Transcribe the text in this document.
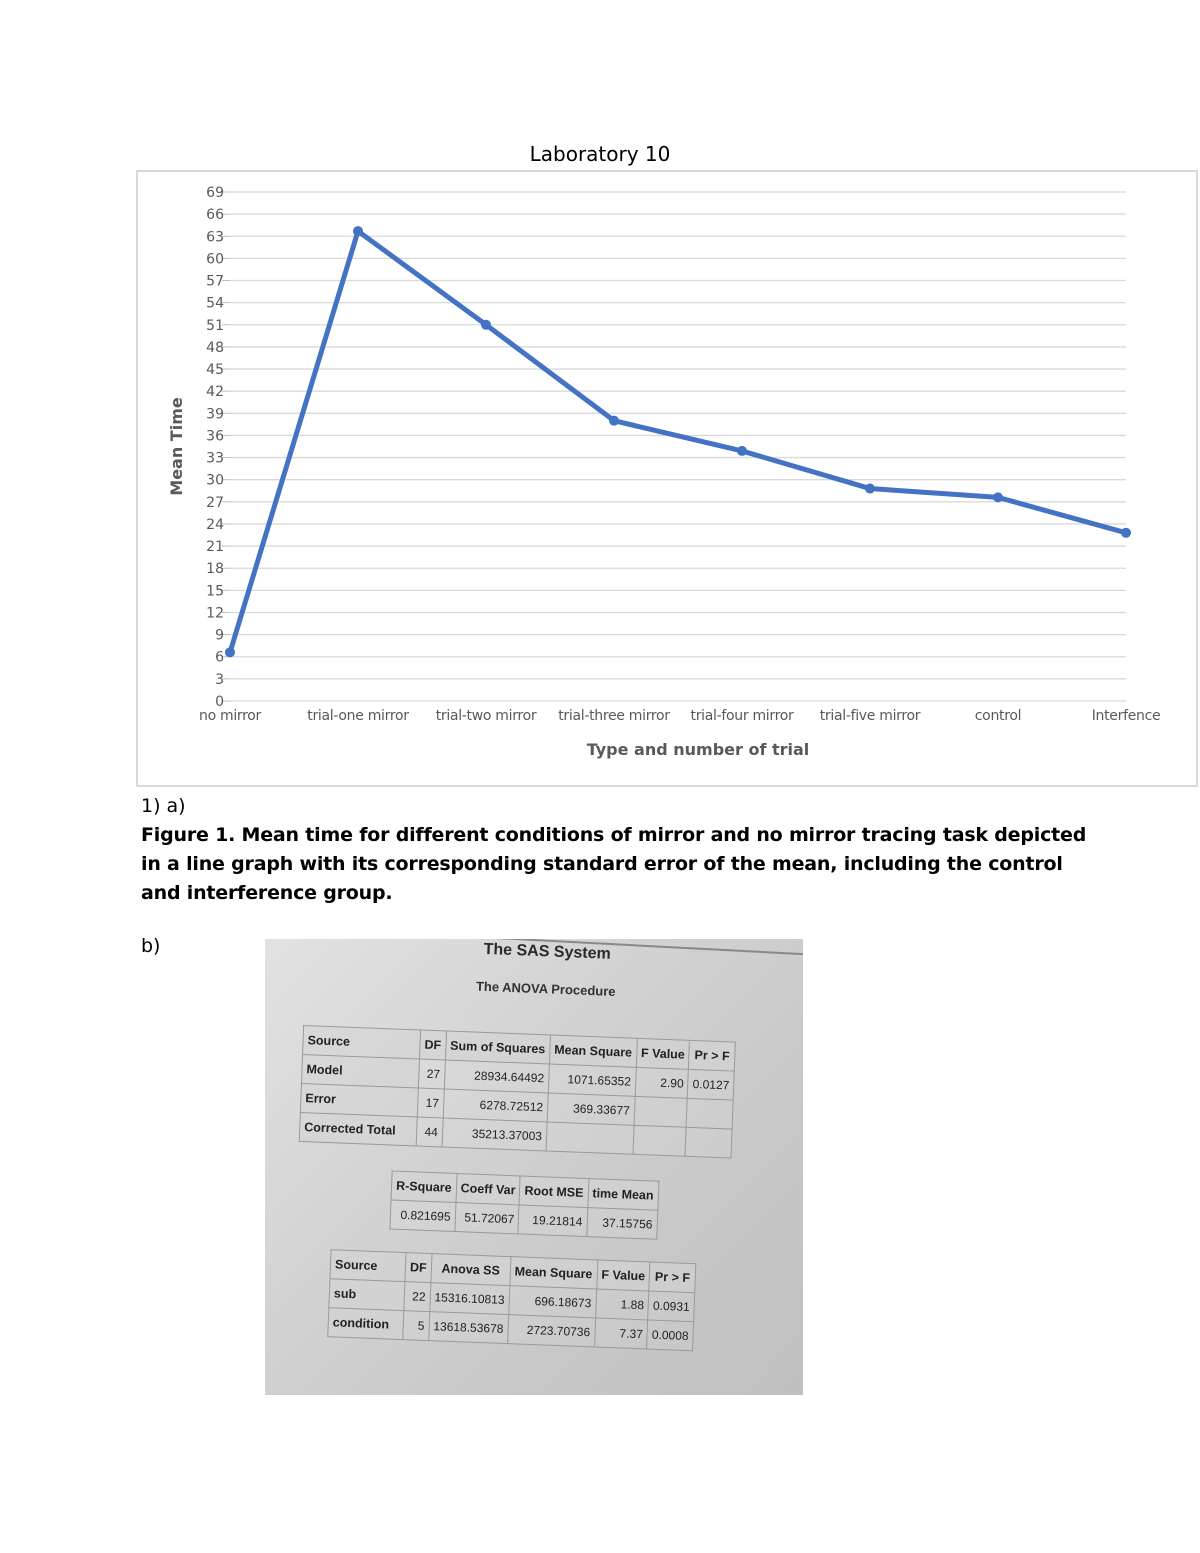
Laboratory 10
0
3
6
9
12
15
18
21
24
27
30
33
36
39
42
45
48
51
54
57
60
63
66
69
no mirror	trial-one mirror trial-two mirror trial-three mirror trial-four mirror trial-five mirror	control	Interfence
Type and number of trial
Mean Time
1) a)
Figure 1. Mean time for different conditions of mirror and no mirror tracing task depicted in a line graph with its corresponding standard error of the mean, including the control and interference group.
b)	The SAS System
The ANOVA Procedure
Source	DF	Sum of Squares	Mean Square	F Value	Pr > F
Model	27	28934.64492	1071.65352	2.90	0.0127
Error	17	6278.72512	369.33677		
Corrected Total	44	35213.37003			
R-Square	Coeff Var	Root MSE	time Mean
0.821695	51.72067	19.21814	37.15756
Source	DF	Anova SS	Mean Square	F Value	Pr > F
sub	22	15316.10813	696.18673	1.88	0.0931
condition	5	13618.53678	2723.70736	7.37	0.0008
